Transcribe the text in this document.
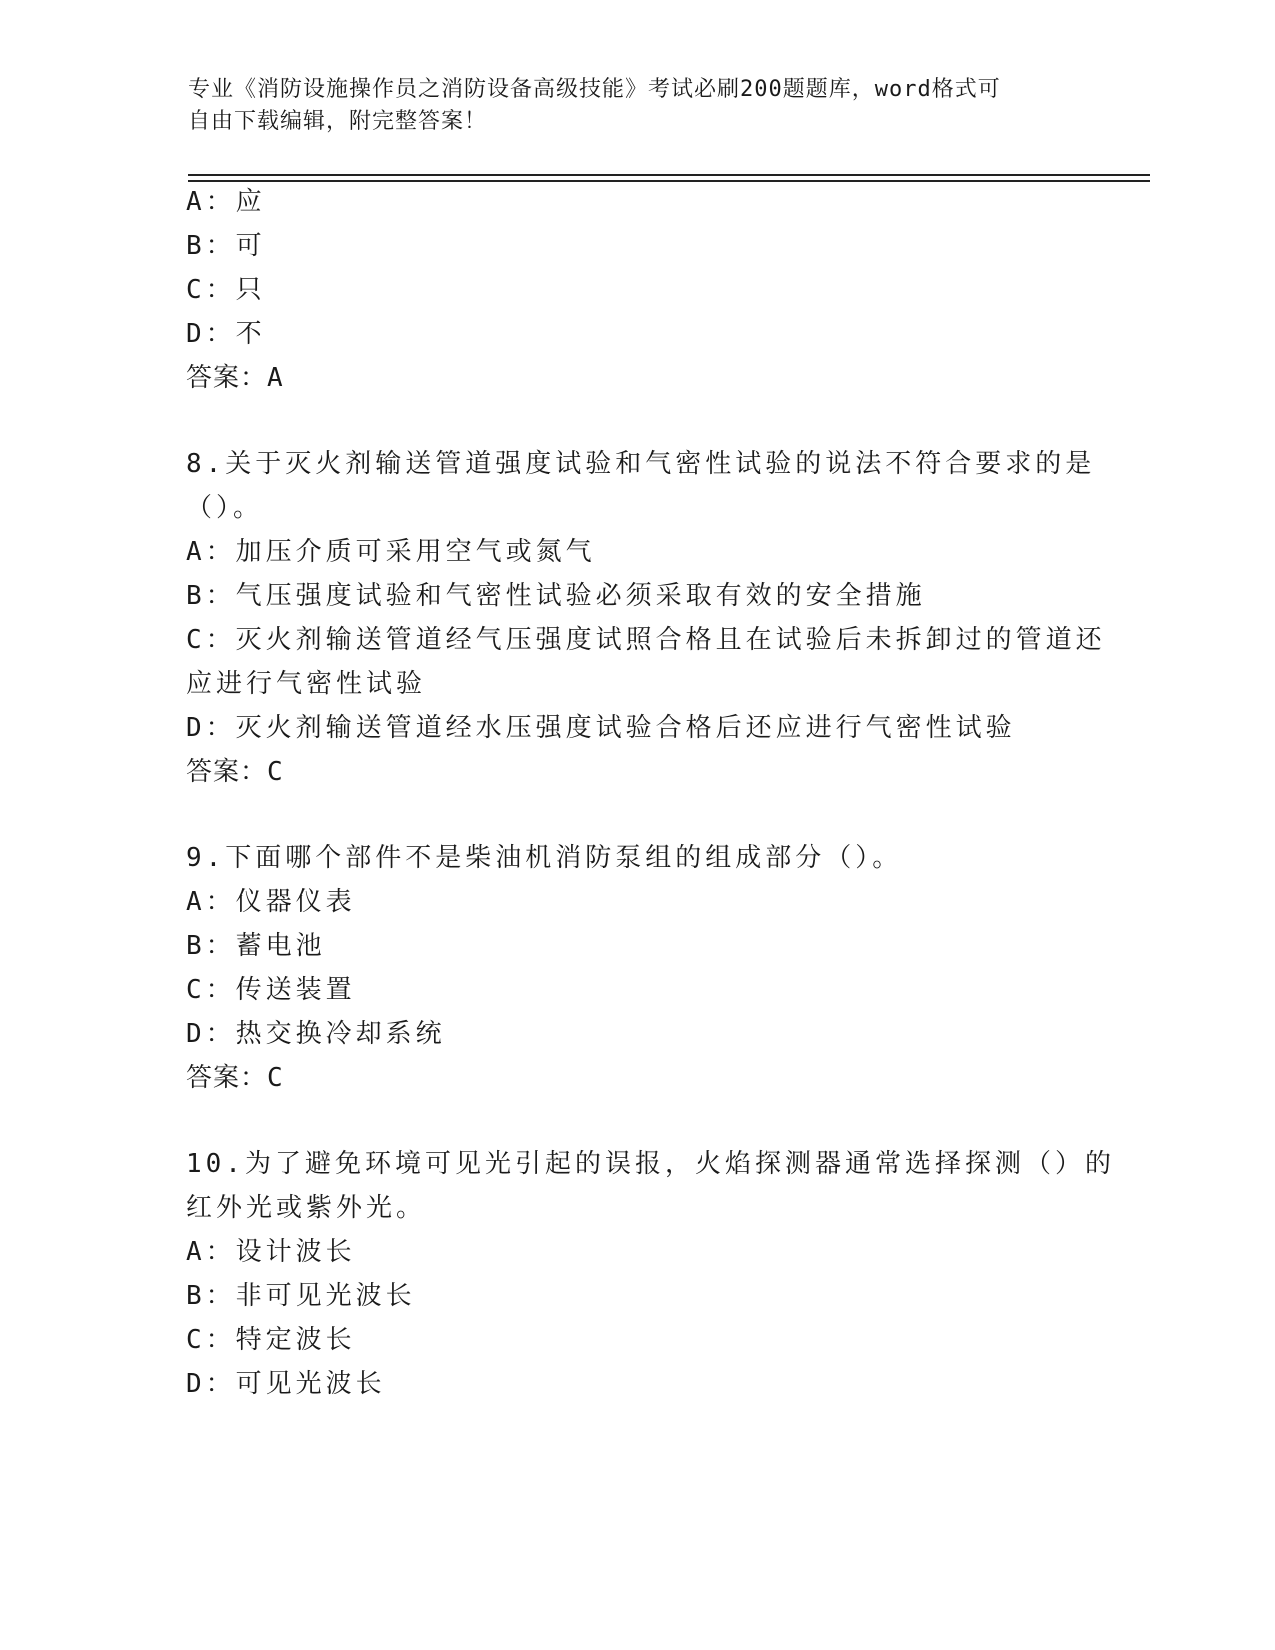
专业《消防设施操作员之消防设备高级技能》考试必刷200题题库，word格式可
自由下载编辑，附完整答案！
A：应
B：可
C：只
D：不
答案：A
8.关于灭火剂输送管道强度试验和气密性试验的说法不符合要求的是
（）。
A：加压介质可采用空气或氮气
B：气压强度试验和气密性试验必须采取有效的安全措施
C：灭火剂输送管道经气压强度试照合格且在试验后未拆卸过的管道还
应进行气密性试验
D：灭火剂输送管道经水压强度试验合格后还应进行气密性试验
答案：C
9.下面哪个部件不是柴油机消防泵组的组成部分（）。
A：仪器仪表
B：蓄电池
C：传送装置
D：热交换冷却系统
答案：C
10.为了避免环境可见光引起的误报，火焰探测器通常选择探测（）的
红外光或紫外光。
A：设计波长
B：非可见光波长
C：特定波长
D：可见光波长
